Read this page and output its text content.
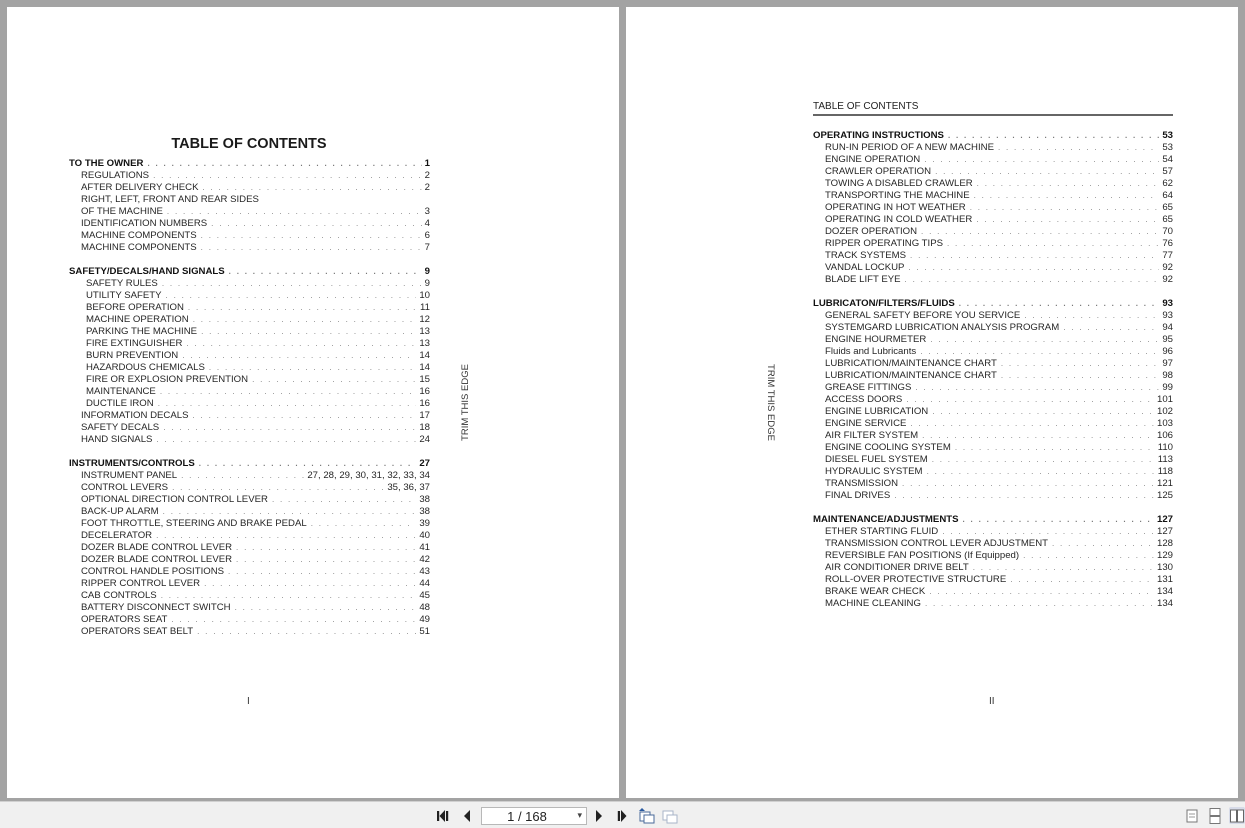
TABLE OF CONTENTS
TO THE OWNER . . .	1
REGULATIONS . . .	2
AFTER DELIVERY CHECK . . .	2
RIGHT, LEFT, FRONT AND REAR SIDES
OF THE MACHINE . . .	3
IDENTIFICATION NUMBERS . . .	4
MACHINE COMPONENTS . . .	6
MACHINE COMPONENTS . . .	7
SAFETY/DECALS/HAND SIGNALS . . .	9
SAFETY RULES . . .	9
UTILITY SAFETY . . .	10
BEFORE OPERATION . . .	11
MACHINE OPERATION . . .	12
PARKING THE MACHINE . . .	13
FIRE EXTINGUISHER . . .	13
BURN PREVENTION . . .	14
HAZARDOUS CHEMICALS . . .	14
FIRE OR EXPLOSION PREVENTION . . .	15
MAINTENANCE . . .	16
DUCTILE IRON . . .	16
INFORMATION DECALS . . .	17
SAFETY DECALS . . .	18
HAND SIGNALS . . .	24
INSTRUMENTS/CONTROLS . . .	27
INSTRUMENT PANEL . . .	27, 28, 29, 30, 31, 32, 33, 34
CONTROL LEVERS . . .	35, 36, 37
OPTIONAL DIRECTION CONTROL LEVER . . .	38
BACK-UP ALARM . . .	38
FOOT THROTTLE, STEERING AND BRAKE PEDAL . . .	39
DECELERATOR . . .	40
DOZER BLADE CONTROL LEVER . . .	41
DOZER BLADE CONTROL LEVER . . .	42
CONTROL HANDLE POSITIONS . . .	43
RIPPER CONTROL LEVER . . .	44
CAB CONTROLS . . .	45
BATTERY DISCONNECT SWITCH . . .	48
OPERATORS SEAT . . .	49
OPERATORS SEAT BELT . . .	51
TRIM THIS EDGE
I
TABLE OF CONTENTS
OPERATING INSTRUCTIONS . . .	53
RUN-IN PERIOD OF A NEW MACHINE . . .	53
ENGINE OPERATION . . .	54
CRAWLER OPERATION . . .	57
TOWING A DISABLED CRAWLER . . .	62
TRANSPORTING THE MACHINE . . .	64
OPERATING IN HOT WEATHER . . .	65
OPERATING IN COLD WEATHER . . .	65
DOZER OPERATION . . .	70
RIPPER OPERATING TIPS . . .	76
TRACK SYSTEMS . . .	77
VANDAL LOCKUP . . .	92
BLADE LIFT EYE . . .	92
LUBRICATON/FILTERS/FLUIDS . . .	93
GENERAL SAFETY BEFORE YOU SERVICE . . .	93
SYSTEMGARD LUBRICATION ANALYSIS PROGRAM . . .	94
ENGINE HOURMETER . . .	95
Fluids and Lubricants . . .	96
LUBRICATION/MAINTENANCE CHART . . .	97
LUBRICATION/MAINTENANCE CHART . . .	98
GREASE FITTINGS . . .	99
ACCESS DOORS . . .	101
ENGINE LUBRICATION . . .	102
ENGINE SERVICE . . .	103
AIR FILTER SYSTEM . . .	106
ENGINE COOLING SYSTEM . . .	110
DIESEL FUEL SYSTEM . . .	113
HYDRAULIC SYSTEM . . .	118
TRANSMISSION . . .	121
FINAL DRIVES . . .	125
MAINTENANCE/ADJUSTMENTS . . .	127
ETHER STARTING FLUID . . .	127
TRANSMISSION CONTROL LEVER ADJUSTMENT . . .	128
REVERSIBLE FAN POSITIONS (If Equipped) . . .	129
AIR CONDITIONER DRIVE BELT . . .	130
ROLL-OVER PROTECTIVE STRUCTURE . . .	131
BRAKE WEAR CHECK . . .	134
MACHINE CLEANING . . .	134
TRIM THIS EDGE
II
1 / 168	▾
